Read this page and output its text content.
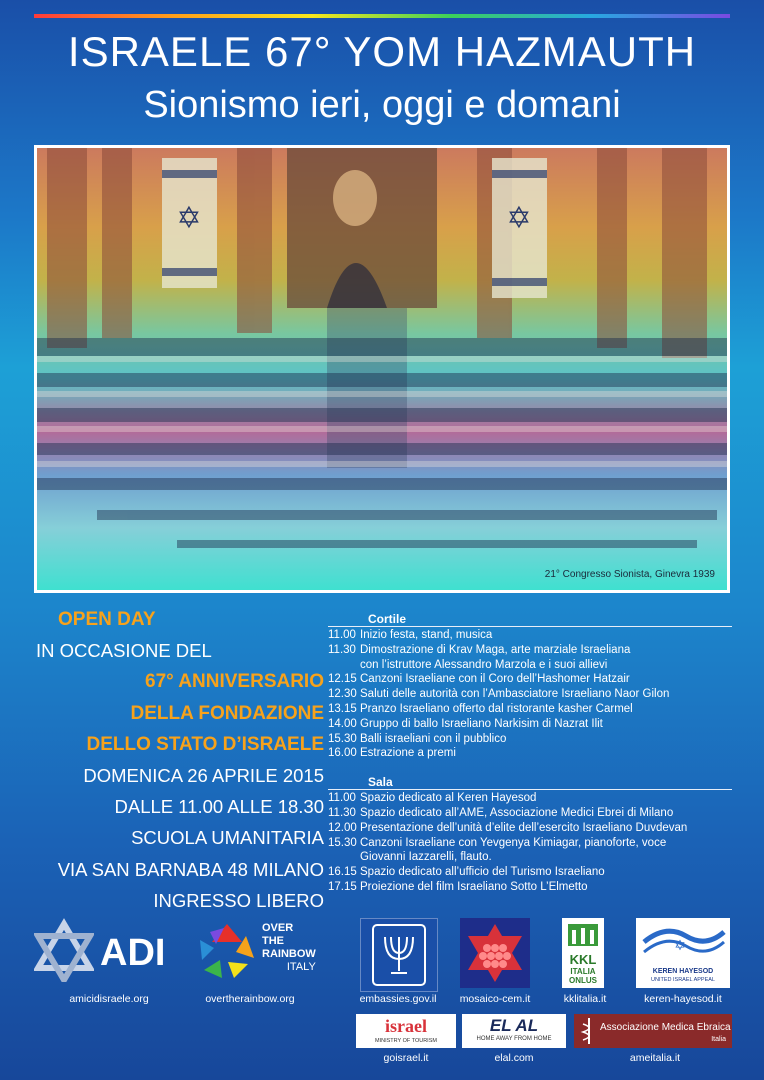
ISRAELE 67° YOM HAZMAUTH
Sionismo ieri, oggi e domani
✡	✡
21° Congresso Sionista, Ginevra 1939
OPEN DAY
IN OCCASIONE DEL
67° ANNIVERSARIO
DELLA FONDAZIONE
DELLO STATO D’ISRAELE
DOMENICA 26 APRILE 2015
DALLE 11.00 ALLE 18.30
SCUOLA UMANITARIA
VIA SAN BARNABA 48 MILANO
INGRESSO LIBERO
Cortile
11.00 Inizio festa, stand, musica
11.30 Dimostrazione di Krav Maga, arte marziale Israeliana
con l’istruttore Alessandro Marzola e i suoi allievi
12.15 Canzoni Israeliane con il Coro dell’Hashomer Hatzair
12.30 Saluti delle autorità con l’Ambasciatore Israeliano Naor Gilon
13.15 Pranzo Israeliano offerto dal ristorante kasher Carmel
14.00 Gruppo di ballo Israeliano Narkisim di Nazrat Ilit
15.30 Balli israeliani con il pubblico
16.00 Estrazione a premi
Sala
11.00 Spazio dedicato al Keren Hayesod
11.30 Spazio dedicato all’AME, Associazione Medici Ebrei di Milano
12.00 Presentazione dell’unità d’elite dell’esercito Israeliano Duvdevan
15.30 Canzoni Israeliane con Yevgenya Kimiagar, pianoforte, voce
Giovanni Iazzarelli, flauto.
16.15 Spazio dedicato all’ufficio del Turismo Israeliano
17.15 Proiezione del film Israeliano Sotto L’Elmetto
ADI
amicidisraele.org
OVER
THE
RAINBOW
ITALY
overtherainbow.org	embassies.gov.il	mosaico-cem.it
KKL
ITALIA
ONLUS
kklitalia.it
✡
KEREN HAYESOD
UNITED ISRAEL APPEAL
keren-hayesod.it
israel
MINISTRY OF TOURISM
goisrael.it
EL AL
HOME AWAY FROM HOME
elal.com
Associazione Medica Ebraica
Italia
ameitalia.it
